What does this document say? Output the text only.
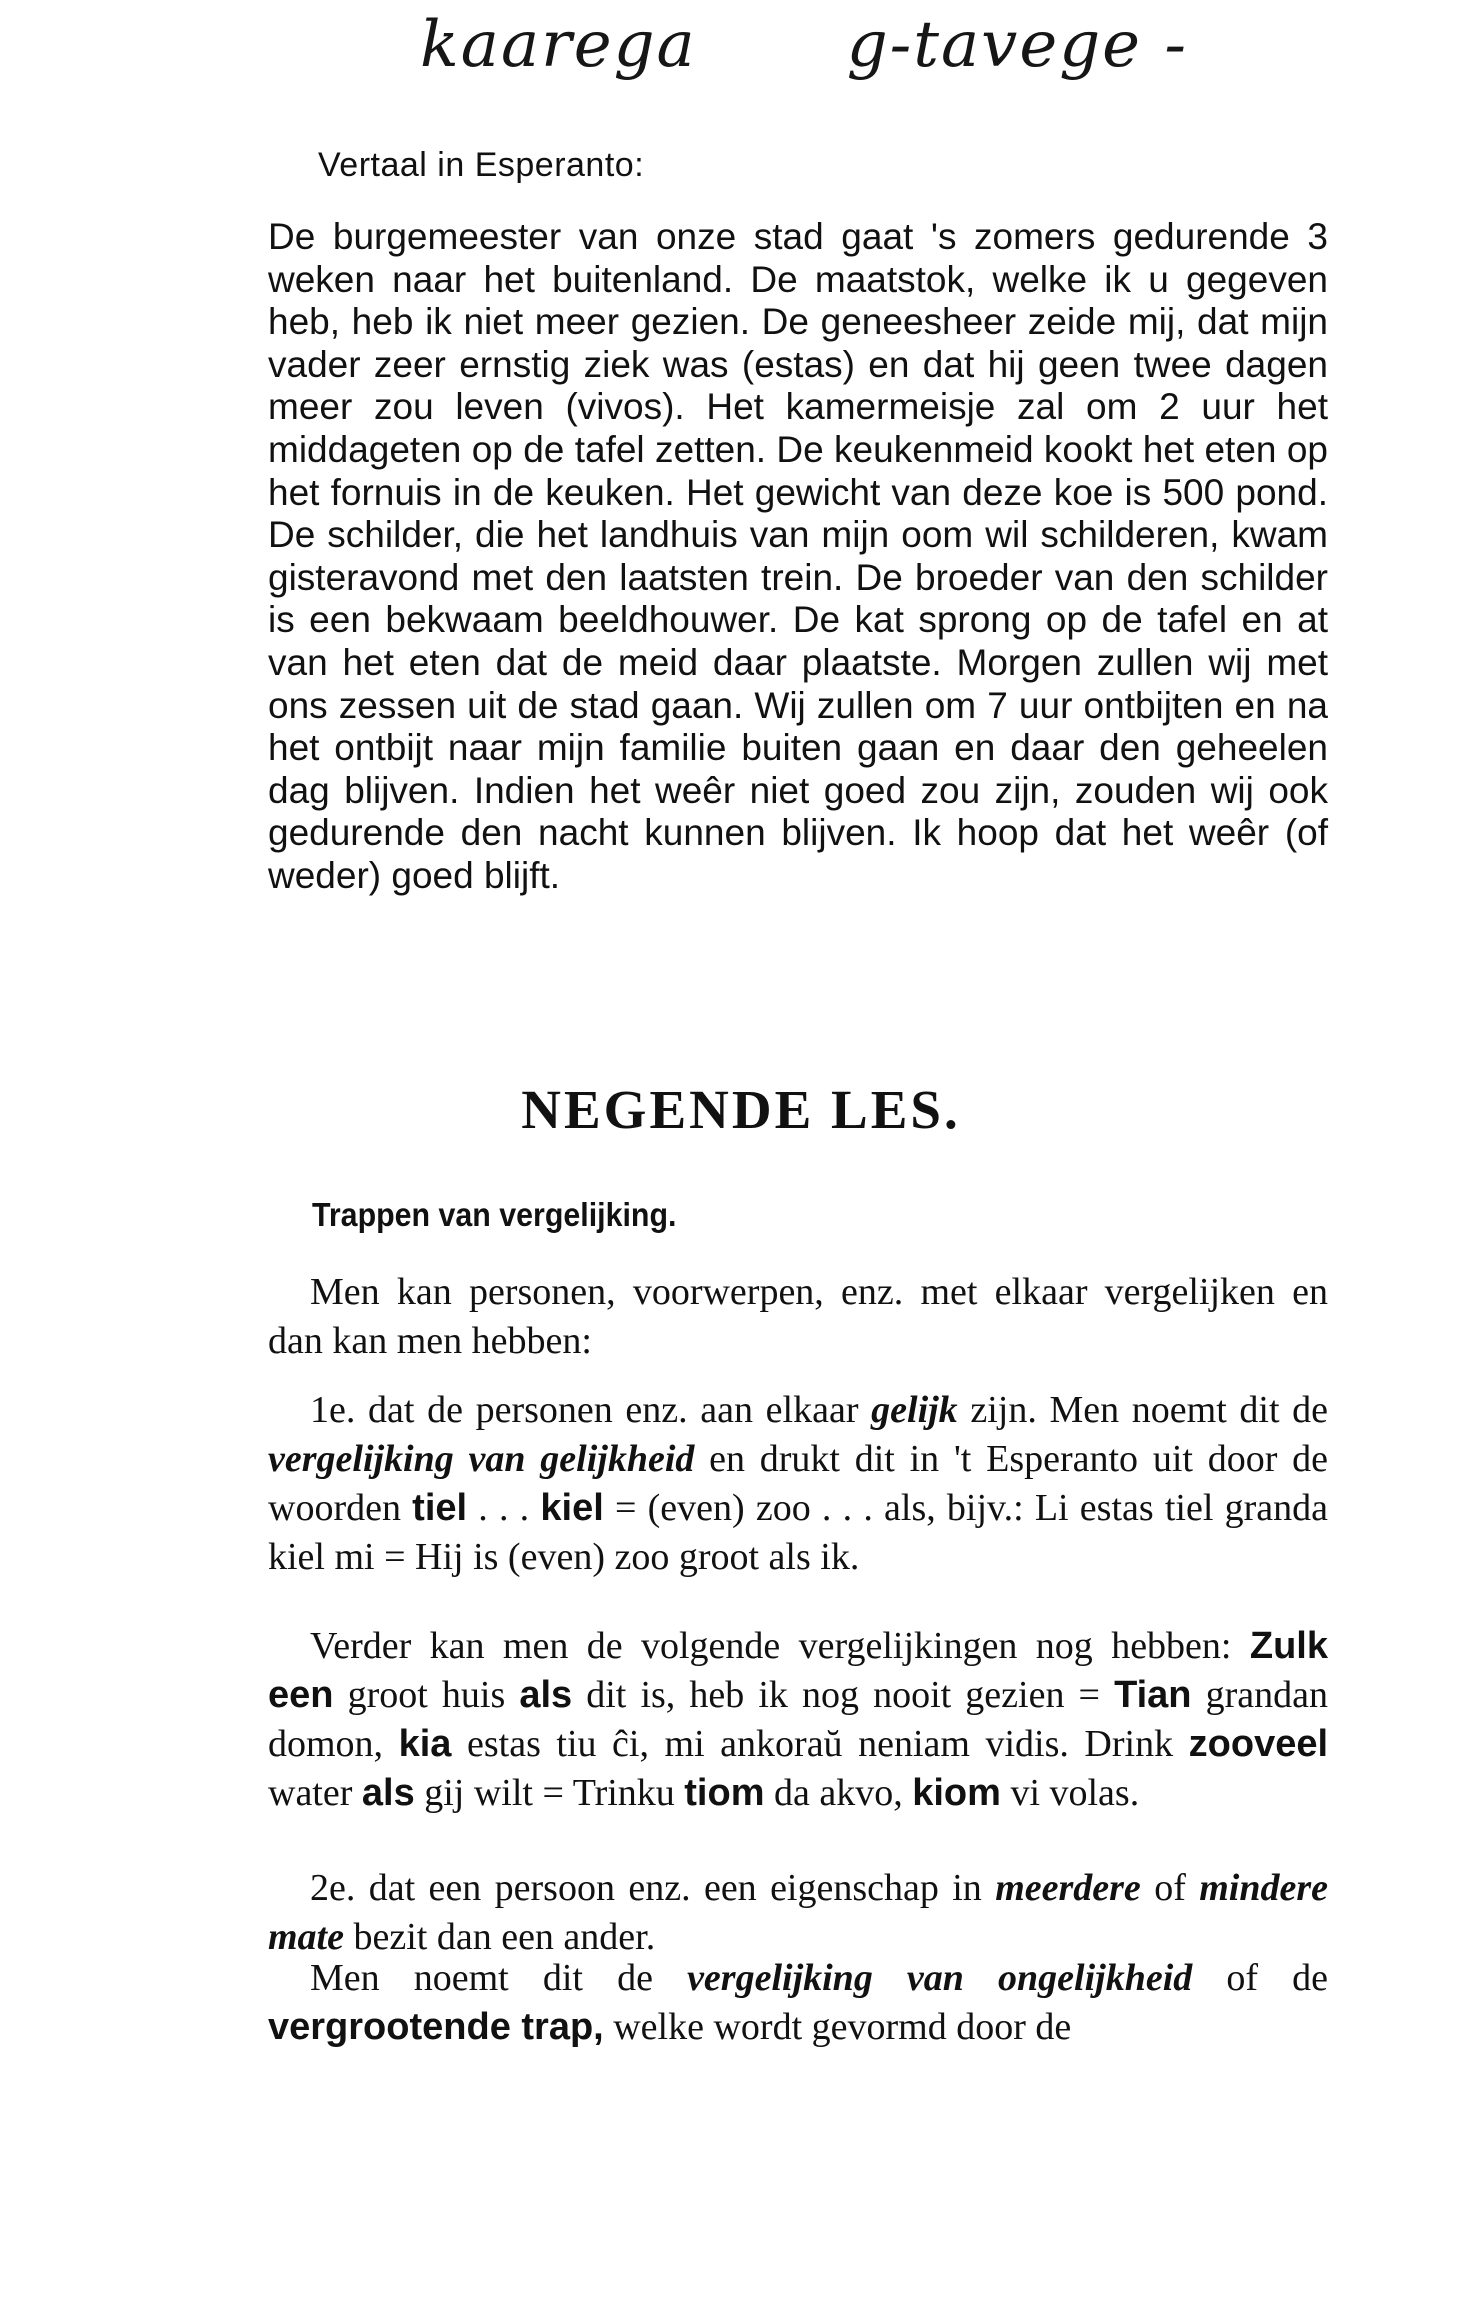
kaarega g-tavege -
Vertaal in Esperanto:

De burgemeester van onze stad gaat 's zomers gedurende 3 weken naar het buitenland. De maatstok, welke ik u gegeven heb, heb ik niet meer gezien. De geneesheer zeide mij, dat mijn vader zeer ernstig ziek was (estas) en dat hij geen twee dagen meer zou leven (vivos). Het kamermeisje zal om 2 uur het middageten op de tafel zetten. De keukenmeid kookt het eten op het fornuis in de keuken. Het gewicht van deze koe is 500 pond. De schilder, die het landhuis van mijn oom wil schilderen, kwam gisteravond met den laatsten trein. De broeder van den schilder is een bekwaam beeldhouwer. De kat sprong op de tafel en at van het eten dat de meid daar plaatste. Morgen zullen wij met ons zessen uit de stad gaan. Wij zullen om 7 uur ontbijten en na het ontbijt naar mijn familie buiten gaan en daar den geheelen dag blijven. Indien het weêr niet goed zou zijn, zouden wij ook gedurende den nacht kunnen blijven. Ik hoop dat het weêr (of weder) goed blijft.

NEGENDE LES.
Trappen van vergelijking.

Men kan personen, voorwerpen, enz. met elkaar vergelijken en dan kan men hebben:

1e. dat de personen enz. aan elkaar gelijk zijn. Men noemt dit de vergelijking van gelijkheid en drukt dit in 't Esperanto uit door de woorden tiel . . . kiel = (even) zoo . . . als, bijv.: Li estas tiel granda kiel mi = Hij is (even) zoo groot als ik.

Verder kan men de volgende vergelijkingen nog hebben: Zulk een groot huis als dit is, heb ik nog nooit gezien = Tian grandan domon, kia estas tiu ĉi, mi ankoraŭ neniam vidis. Drink zooveel water als gij wilt = Trinku tiom da akvo, kiom vi volas.

2e. dat een persoon enz. een eigenschap in meerdere of mindere mate bezit dan een ander.

Men noemt dit de vergelijking van ongelijkheid of de vergrootende trap, welke wordt gevormd door de
